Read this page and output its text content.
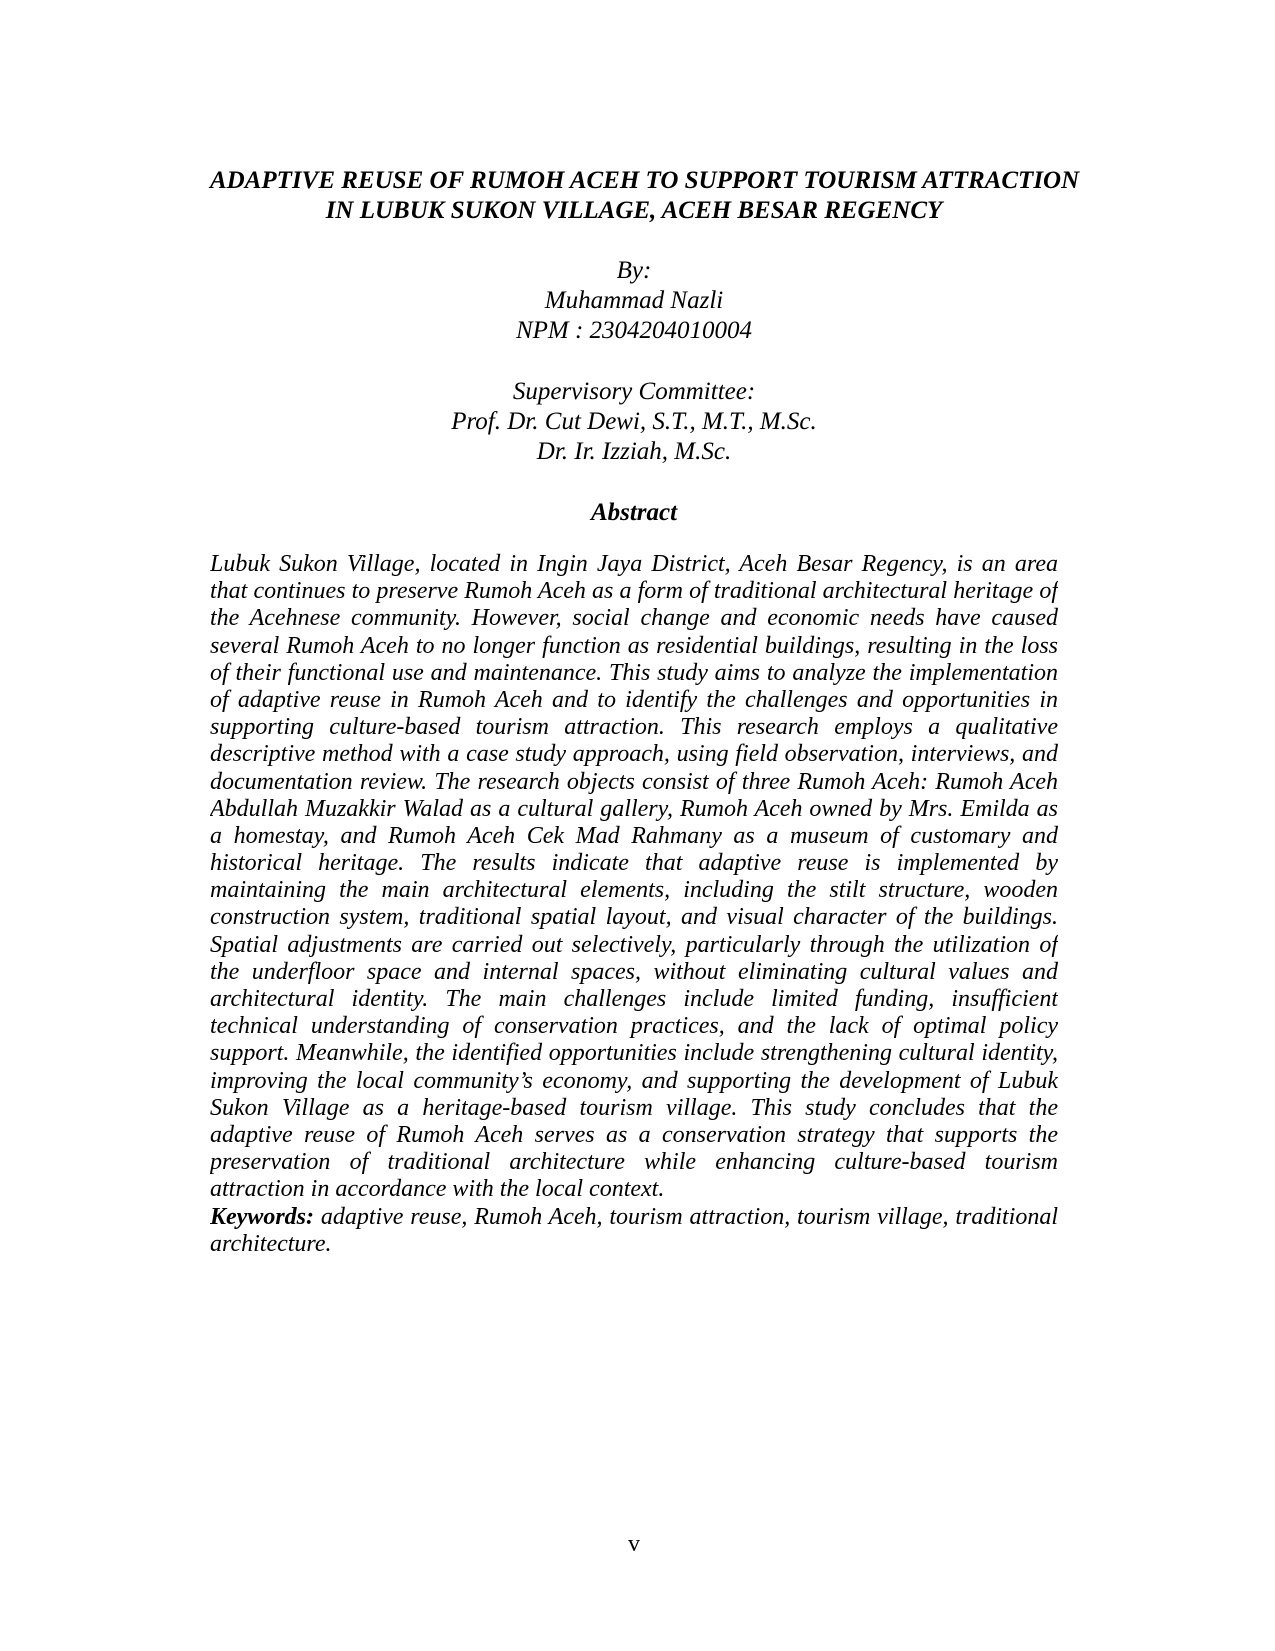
ADAPTIVE REUSE OF RUMOH ACEH TO SUPPORT TOURISM ATTRACTION
IN LUBUK SUKON VILLAGE, ACEH BESAR REGENCY
By:
Muhammad Nazli
NPM : 2304204010004
Supervisory Committee:
Prof. Dr. Cut Dewi, S.T., M.T., M.Sc.
Dr. Ir. Izziah, M.Sc.
Abstract
Lubuk Sukon Village, located in Ingin Jaya District, Aceh Besar Regency, is an area
that continues to preserve Rumoh Aceh as a form of traditional architectural heritage of
the Acehnese community. However, social change and economic needs have caused
several Rumoh Aceh to no longer function as residential buildings, resulting in the loss
of their functional use and maintenance. This study aims to analyze the implementation
of adaptive reuse in Rumoh Aceh and to identify the challenges and opportunities in
supporting culture-based tourism attraction. This research employs a qualitative
descriptive method with a case study approach, using field observation, interviews, and
documentation review. The research objects consist of three Rumoh Aceh: Rumoh Aceh
Abdullah Muzakkir Walad as a cultural gallery, Rumoh Aceh owned by Mrs. Emilda as
a homestay, and Rumoh Aceh Cek Mad Rahmany as a museum of customary and
historical heritage. The results indicate that adaptive reuse is implemented by
maintaining the main architectural elements, including the stilt structure, wooden
construction system, traditional spatial layout, and visual character of the buildings.
Spatial adjustments are carried out selectively, particularly through the utilization of
the underfloor space and internal spaces, without eliminating cultural values and
architectural identity. The main challenges include limited funding, insufficient
technical understanding of conservation practices, and the lack of optimal policy
support. Meanwhile, the identified opportunities include strengthening cultural identity,
improving the local community’s economy, and supporting the development of Lubuk
Sukon Village as a heritage-based tourism village. This study concludes that the
adaptive reuse of Rumoh Aceh serves as a conservation strategy that supports the
preservation of traditional architecture while enhancing culture-based tourism
attraction in accordance with the local context.
Keywords: adaptive reuse, Rumoh Aceh, tourism attraction, tourism village, traditional
architecture.
v
